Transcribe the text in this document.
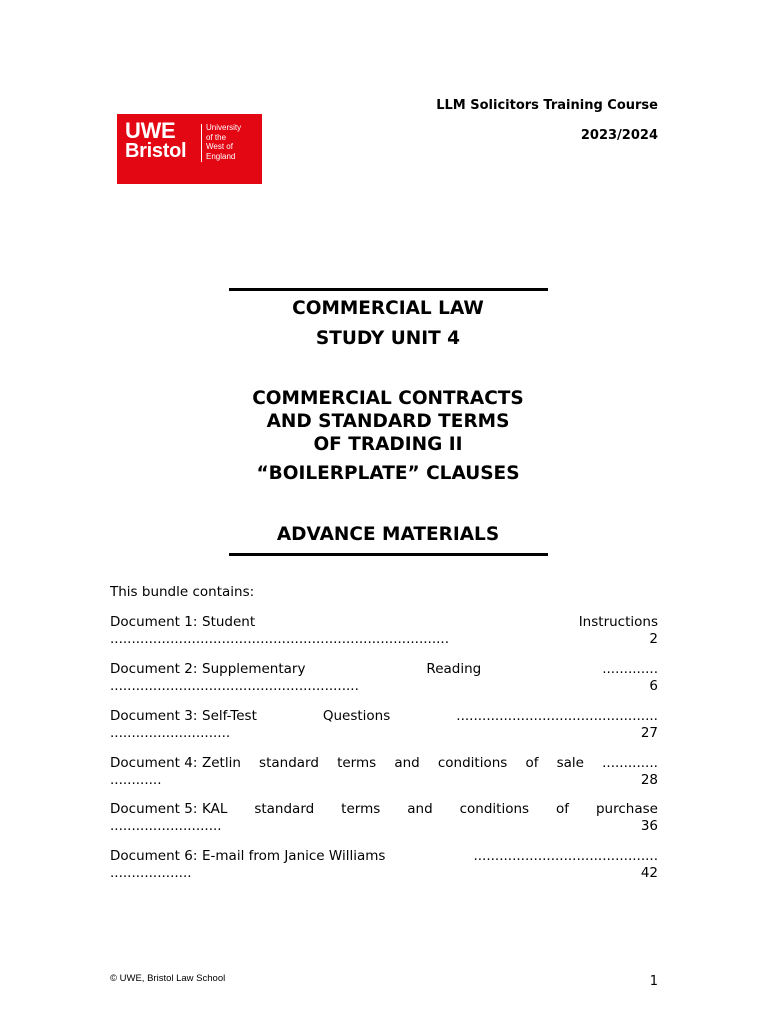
UWE
Bristol
University
of the
West of
England
LLM Solicitors Training Course
2023/2024
COMMERCIAL LAW
STUDY UNIT 4
COMMERCIAL CONTRACTS
AND STANDARD TERMS
OF TRADING II
“BOILERPLATE” CLAUSES
ADVANCE MATERIALS
This bundle contains:
Document 1: Student	Instructions
...............................................................................	2
Document 2: Supplementary	Reading	.............
..........................................................	6
Document 3: Self-Test	Questions	...............................................
............................	27
Document 4: Zetlin standard terms and conditions of sale .............
............	28
Document 5: KAL standard terms and conditions of purchase
..........................	36
Document 6: E-mail from Janice Williams	...........................................
...................	42
© UWE, Bristol Law School	1
